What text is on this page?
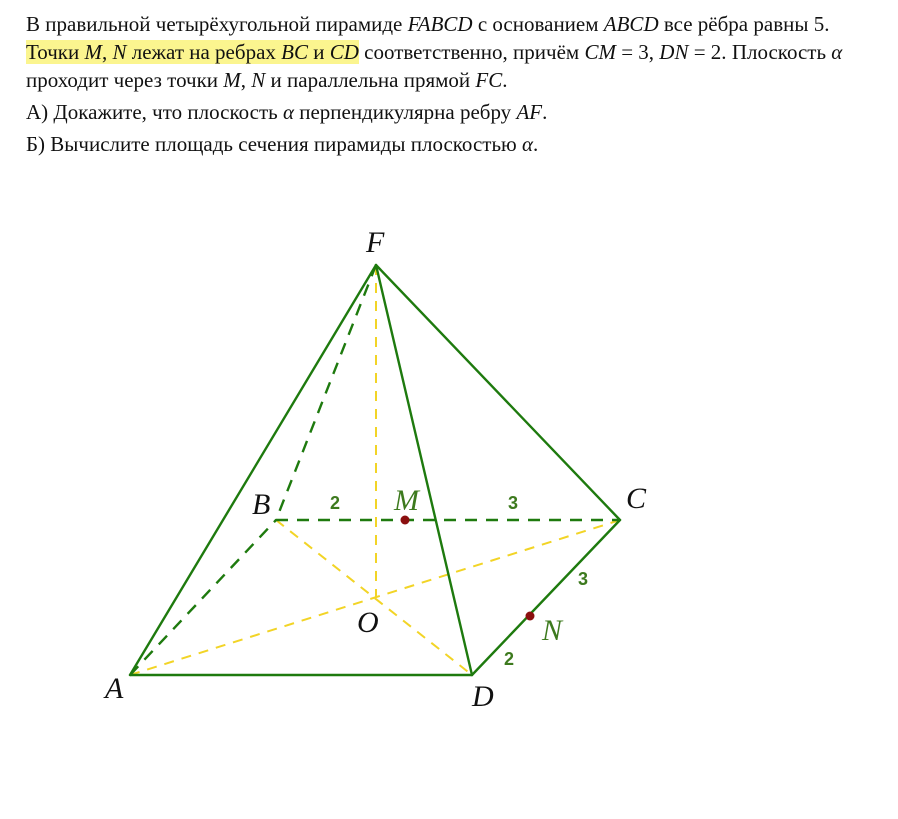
В правильной четырёхугольной пирамиде FABCD с основанием ABCD все рёбра равны 5. Точки M, N лежат на ребрах BC и CD соответственно, причём CM = 3, DN = 2. Плоскость α проходит через точки M, N и параллельна прямой FC.

А) Докажите, что плоскость α перпендикулярна ребру AF.

Б) Вычислите площадь сечения пирамиды плоскостью α.

F
A
B	C
D
O
M
N
2	3
3
2
